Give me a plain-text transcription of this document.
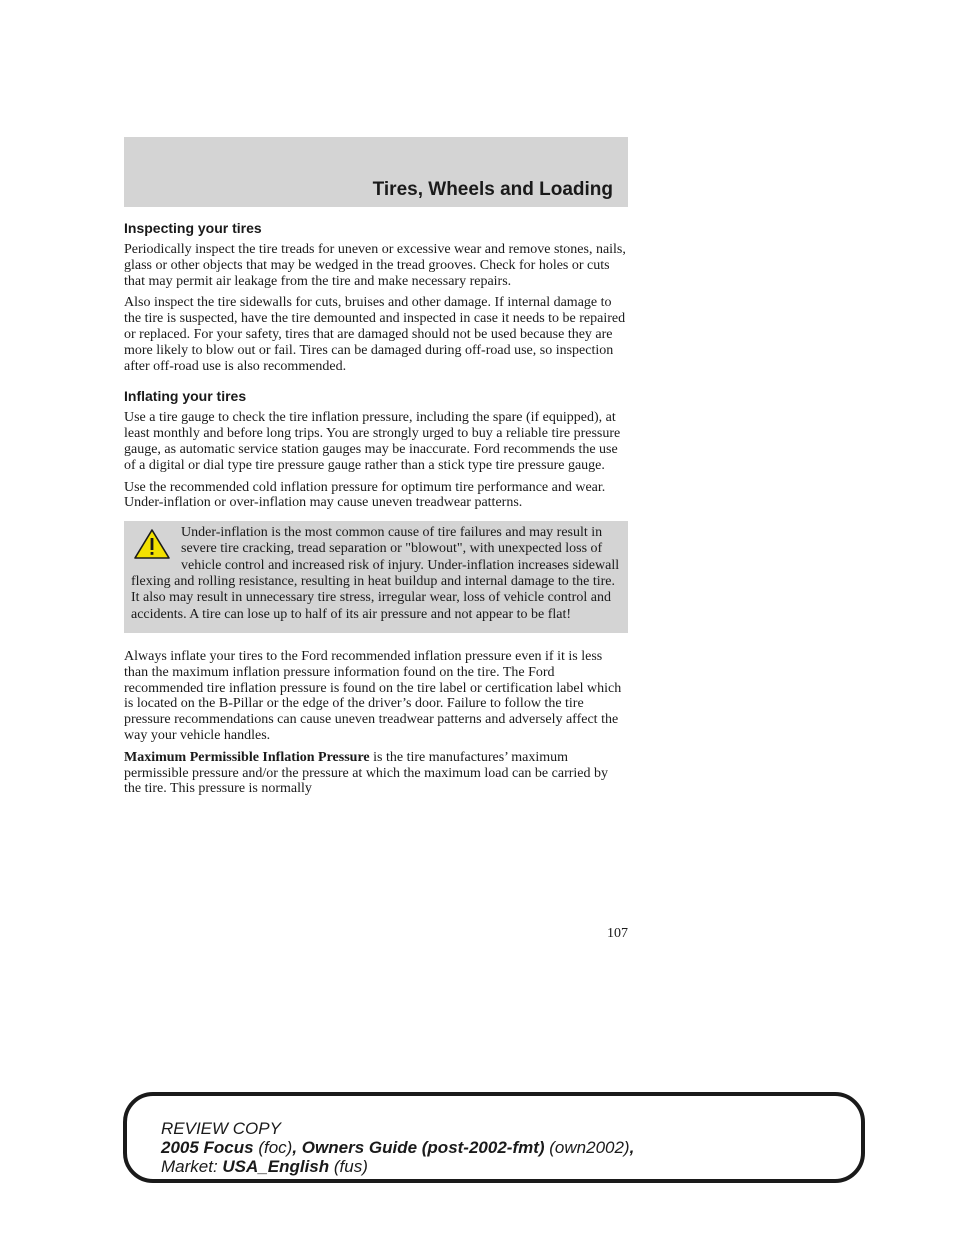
Tires, Wheels and Loading
Inspecting your tires

Periodically inspect the tire treads for uneven or excessive wear and remove stones, nails, glass or other objects that may be wedged in the tread grooves. Check for holes or cuts that may permit air leakage from the tire and make necessary repairs.

Also inspect the tire sidewalls for cuts, bruises and other damage. If internal damage to the tire is suspected, have the tire demounted and inspected in case it needs to be repaired or replaced. For your safety, tires that are damaged should not be used because they are more likely to blow out or fail. Tires can be damaged during off-road use, so inspection after off-road use is also recommended.

Inflating your tires

Use a tire gauge to check the tire inflation pressure, including the spare (if equipped), at least monthly and before long trips. You are strongly urged to buy a reliable tire pressure gauge, as automatic service station gauges may be inaccurate. Ford recommends the use of a digital or dial type tire pressure gauge rather than a stick type tire pressure gauge.

Use the recommended cold inflation pressure for optimum tire performance and wear. Under-inflation or over-inflation may cause uneven treadwear patterns.

Under-inflation is the most common cause of tire failures and may result in severe tire cracking, tread separation or "blowout", with unexpected loss of vehicle control and increased risk of injury. Under-inflation increases sidewall flexing and rolling resistance, resulting in heat buildup and internal damage to the tire. It also may result in unnecessary tire stress, irregular wear, loss of vehicle control and accidents. A tire can lose up to half of its air pressure and not appear to be flat!

Always inflate your tires to the Ford recommended inflation pressure even if it is less than the maximum inflation pressure information found on the tire. The Ford recommended tire inflation pressure is found on the tire label or certification label which is located on the B-Pillar or the edge of the driver’s door. Failure to follow the tire pressure recommendations can cause uneven treadwear patterns and adversely affect the way your vehicle handles.

Maximum Permissible Inflation Pressure is the tire manufactures’ maximum permissible pressure and/or the pressure at which the maximum load can be carried by the tire. This pressure is normally

107
REVIEW COPY
2005 Focus (foc), Owners Guide (post-2002-fmt) (own2002),
Market: USA_English (fus)
